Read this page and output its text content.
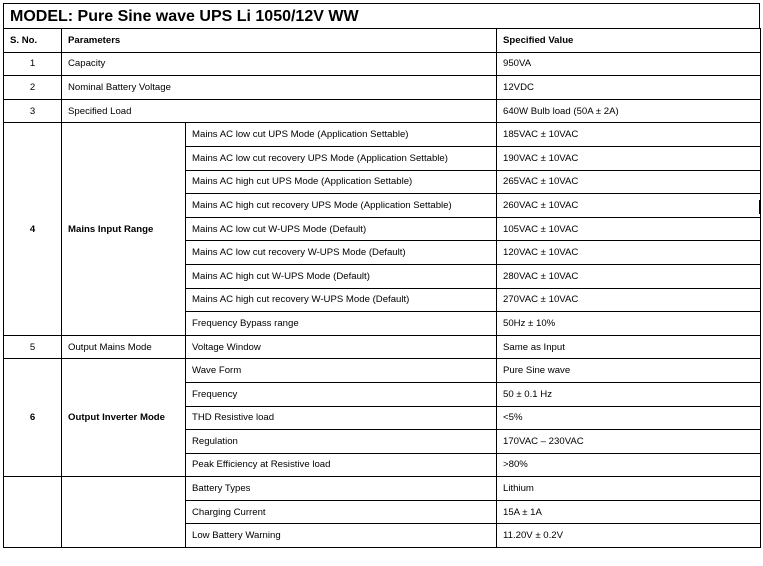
MODEL: Pure Sine wave UPS Li 1050/12V WW
S. No.	Parameters		Specified Value
1	Capacity		950VA
2	Nominal Battery Voltage		12VDC
3	Specified Load		640W Bulb load (50A ± 2A)
4	Mains Input Range	Mains AC low cut UPS Mode (Application Settable)	185VAC ± 10VAC
		Mains AC low cut recovery UPS Mode (Application Settable)	190VAC ± 10VAC
		Mains AC high cut UPS Mode (Application Settable)	265VAC ± 10VAC
		Mains AC high cut recovery UPS Mode (Application Settable)	260VAC ± 10VAC
		Mains AC low cut W-UPS Mode (Default)	105VAC ± 10VAC
		Mains AC low cut recovery W-UPS Mode (Default)	120VAC ± 10VAC
		Mains AC high cut W-UPS Mode (Default)	280VAC ± 10VAC
		Mains AC high cut recovery W-UPS Mode (Default)	270VAC ± 10VAC
		Frequency Bypass range	50Hz ± 10%
5	Output Mains Mode	Voltage Window	Same as Input
6	Output Inverter Mode	Wave Form	Pure Sine wave
		Frequency	50 ± 0.1 Hz
		THD Resistive load	<5%
		Regulation	170VAC – 230VAC
		Peak Efficiency at Resistive load	>80%
		Battery Types	Lithium
		Charging Current	15A ± 1A
		Low Battery Warning	11.20V ± 0.2V
